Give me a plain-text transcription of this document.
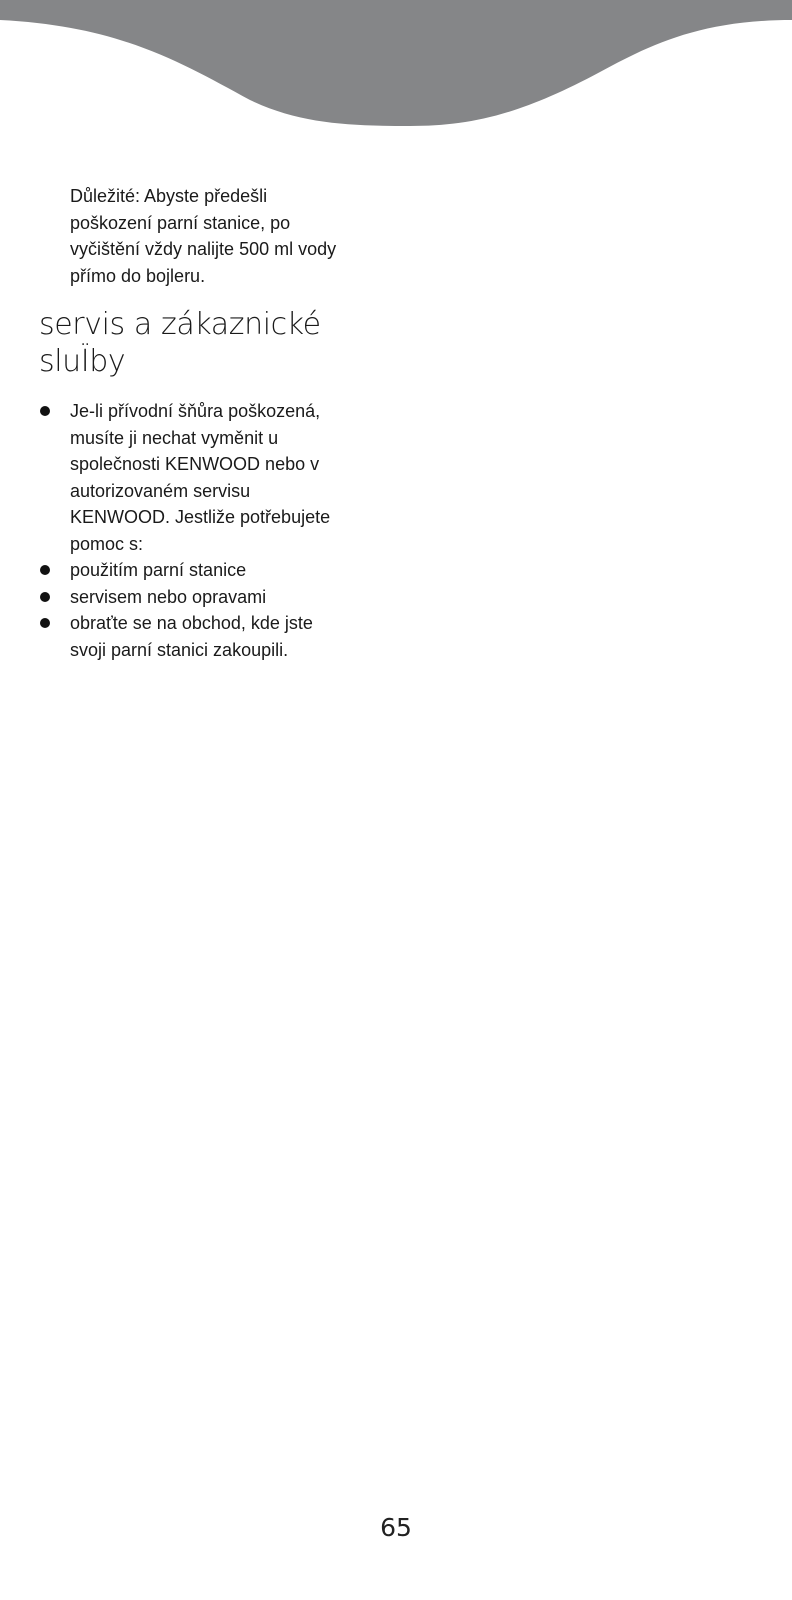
Důležité: Abyste předešli
poškození parní stanice, po
vyčištění vždy nalijte 500 ml vody
přímo do bojleru.
servis a zákaznické
sluÏby
Je-li přívodní šňůra poškozená,
musíte ji nechat vyměnit u
společnosti KENWOOD nebo v
autorizovaném servisu
KENWOOD. Jestliže potřebujete
pomoc s:
použitím parní stanice
servisem nebo opravami
obraťte se na obchod, kde jste
svoji parní stanici zakoupili.
65
